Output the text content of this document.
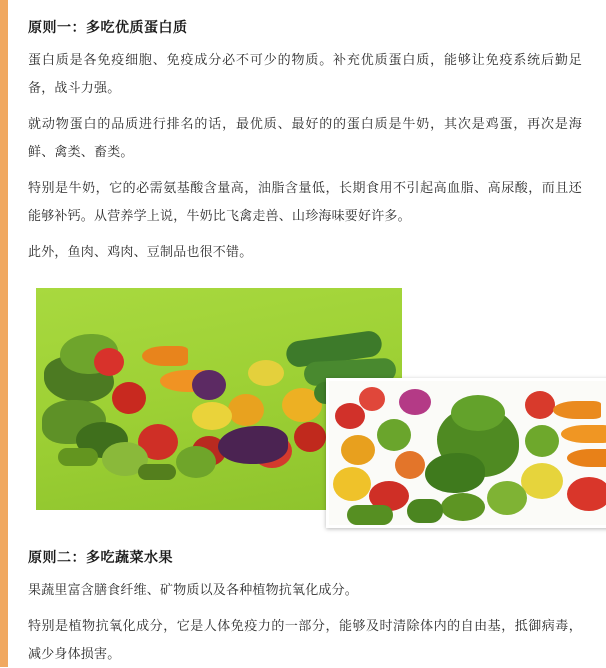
原则一：多吃优质蛋白质

蛋白质是各免疫细胞、免疫成分必不可少的物质。补充优质蛋白质，能够让免疫系统后勤足备，战斗力强。

就动物蛋白的品质进行排名的话，最优质、最好的的蛋白质是牛奶，其次是鸡蛋，再次是海鲜、禽类、畜类。

特别是牛奶，它的必需氨基酸含量高，油脂含量低，长期食用不引起高血脂、高尿酸，而且还能够补钙。从营养学上说，牛奶比飞禽走兽、山珍海味要好许多。

此外，鱼肉、鸡肉、豆制品也很不错。

原则二：多吃蔬菜水果

果蔬里富含膳食纤维、矿物质以及各种植物抗氧化成分。

特别是植物抗氧化成分，它是人体免疫力的一部分，能够及时清除体内的自由基，抵御病毒，减少身体损害。
